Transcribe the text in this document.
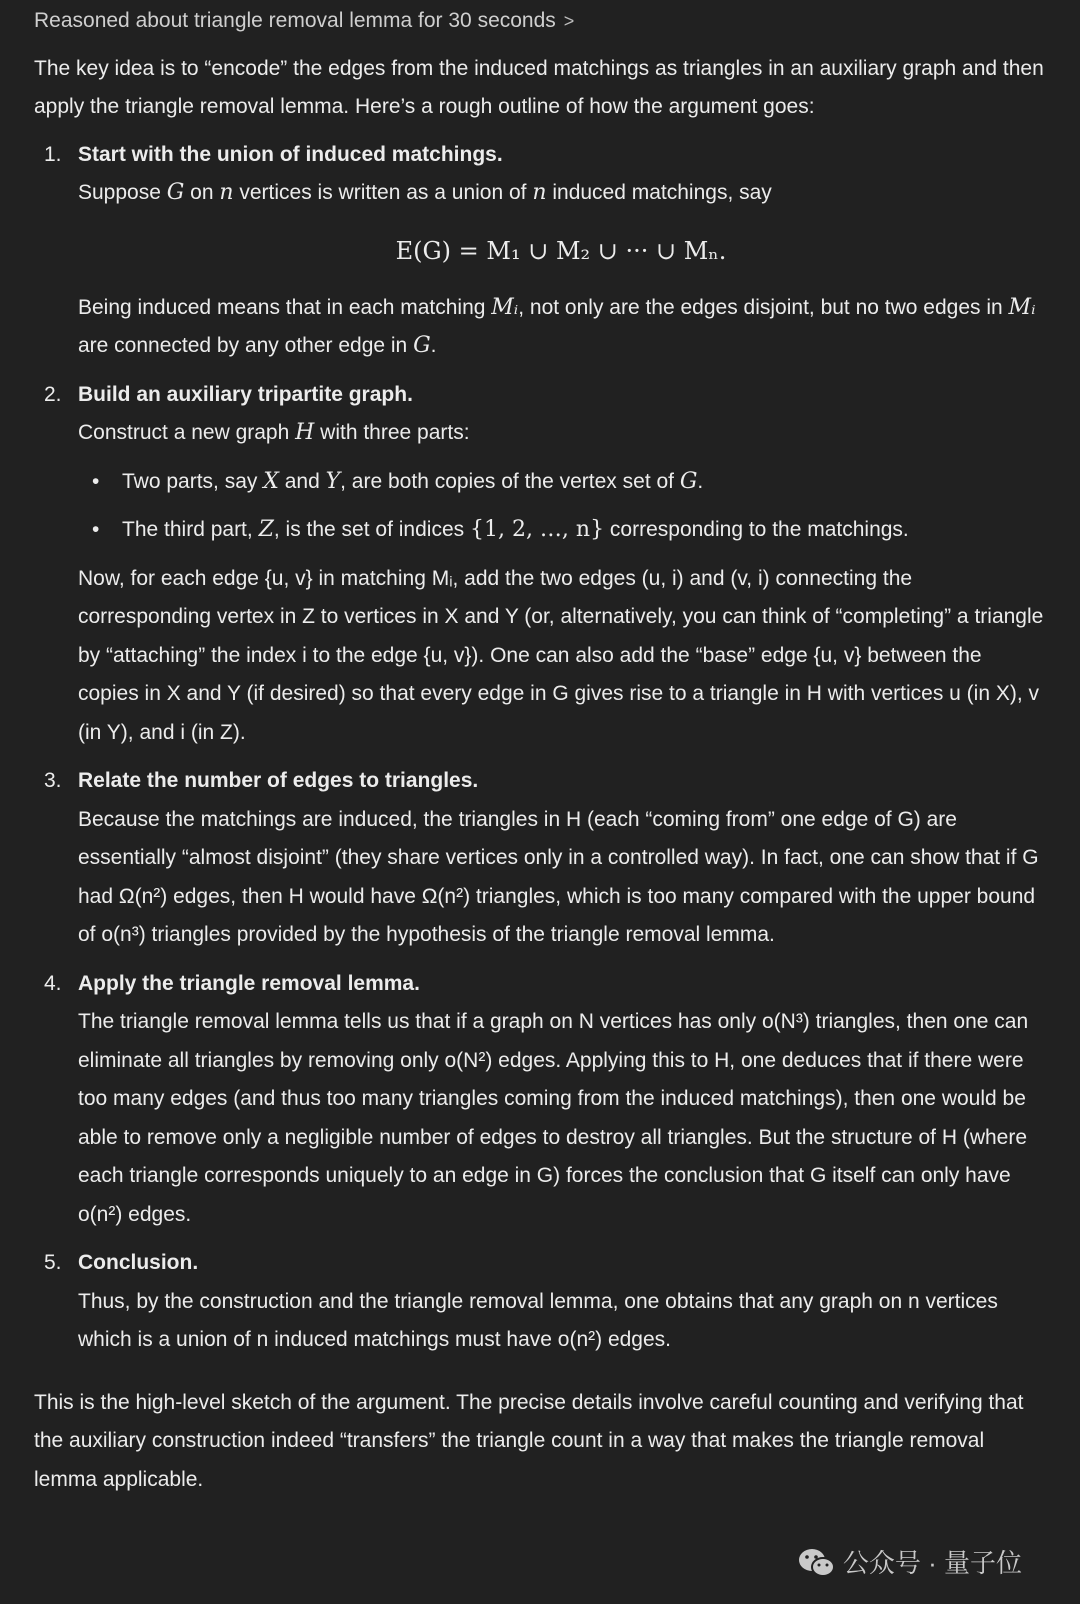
Reasoned about triangle removal lemma for 30 seconds >

The key idea is to “encode” the edges from the induced matchings as triangles in an auxiliary graph and then apply the triangle removal lemma. Here’s a rough outline of how the argument goes:

1. Start with the union of induced matchings.
Suppose G on n vertices is written as a union of n induced matchings, say
E(G) = M₁ ∪ M₂ ∪ ··· ∪ Mₙ.
Being induced means that in each matching Mᵢ, not only are the edges disjoint, but no two edges in Mᵢ are connected by any other edge in G.
2. Build an auxiliary tripartite graph.
Construct a new graph H with three parts:
• Two parts, say X and Y, are both copies of the vertex set of G.
• The third part, Z, is the set of indices {1, 2, …, n} corresponding to the matchings.
Now, for each edge {u, v} in matching Mᵢ, add the two edges (u, i) and (v, i) connecting the corresponding vertex in Z to vertices in X and Y (or, alternatively, you can think of “completing” a triangle by “attaching” the index i to the edge {u, v}). One can also add the “base” edge {u, v} between the copies in X and Y (if desired) so that every edge in G gives rise to a triangle in H with vertices u (in X), v (in Y), and i (in Z).
3. Relate the number of edges to triangles.
Because the matchings are induced, the triangles in H (each “coming from” one edge of G) are essentially “almost disjoint” (they share vertices only in a controlled way). In fact, one can show that if G had Ω(n²) edges, then H would have Ω(n²) triangles, which is too many compared with the upper bound of o(n³) triangles provided by the hypothesis of the triangle removal lemma.
4. Apply the triangle removal lemma.
The triangle removal lemma tells us that if a graph on N vertices has only o(N³) triangles, then one can eliminate all triangles by removing only o(N²) edges. Applying this to H, one deduces that if there were too many edges (and thus too many triangles coming from the induced matchings), then one would be able to remove only a negligible number of edges to destroy all triangles. But the structure of H (where each triangle corresponds uniquely to an edge in G) forces the conclusion that G itself can only have o(n²) edges.
5. Conclusion.
Thus, by the construction and the triangle removal lemma, one obtains that any graph on n vertices which is a union of n induced matchings must have o(n²) edges.

This is the high-level sketch of the argument. The precise details involve careful counting and verifying that the auxiliary construction indeed “transfers” the triangle count in a way that makes the triangle removal lemma applicable.

公众号 · 量子位
